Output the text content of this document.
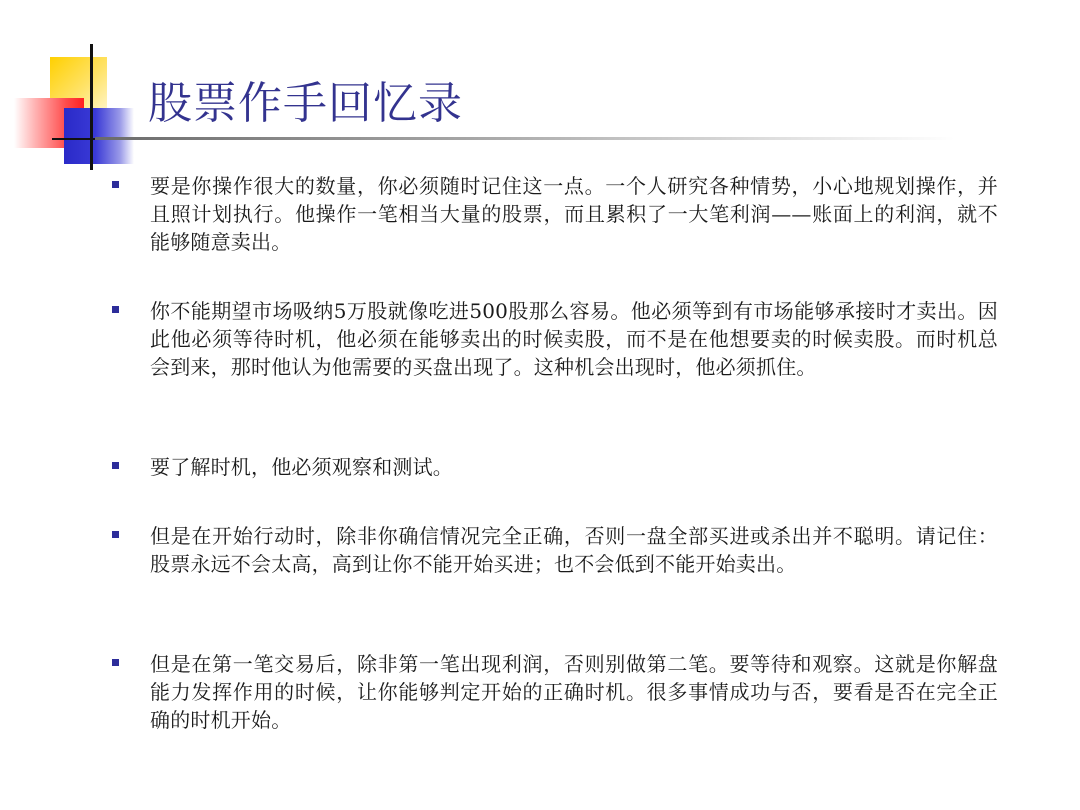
股票作手回忆录
要是你操作很大的数量，你必须随时记住这一点。一个人研究各种情势，小心地规划操作，并且照计划执行。他操作一笔相当大量的股票，而且累积了一大笔利润——账面上的利润，就不能够随意卖出。
你不能期望市场吸纳5万股就像吃进500股那么容易。他必须等到有市场能够承接时才卖出。因此他必须等待时机，他必须在能够卖出的时候卖股，而不是在他想要卖的时候卖股。而时机总会到来，那时他认为他需要的买盘出现了。这种机会出现时，他必须抓住。
要了解时机，他必须观察和测试。
但是在开始行动时，除非你确信情况完全正确，否则一盘全部买进或杀出并不聪明。请记住：股票永远不会太高，高到让你不能开始买进；也不会低到不能开始卖出。
但是在第一笔交易后，除非第一笔出现利润，否则别做第二笔。要等待和观察。这就是你解盘能力发挥作用的时候，让你能够判定开始的正确时机。很多事情成功与否，要看是否在完全正确的时机开始。
